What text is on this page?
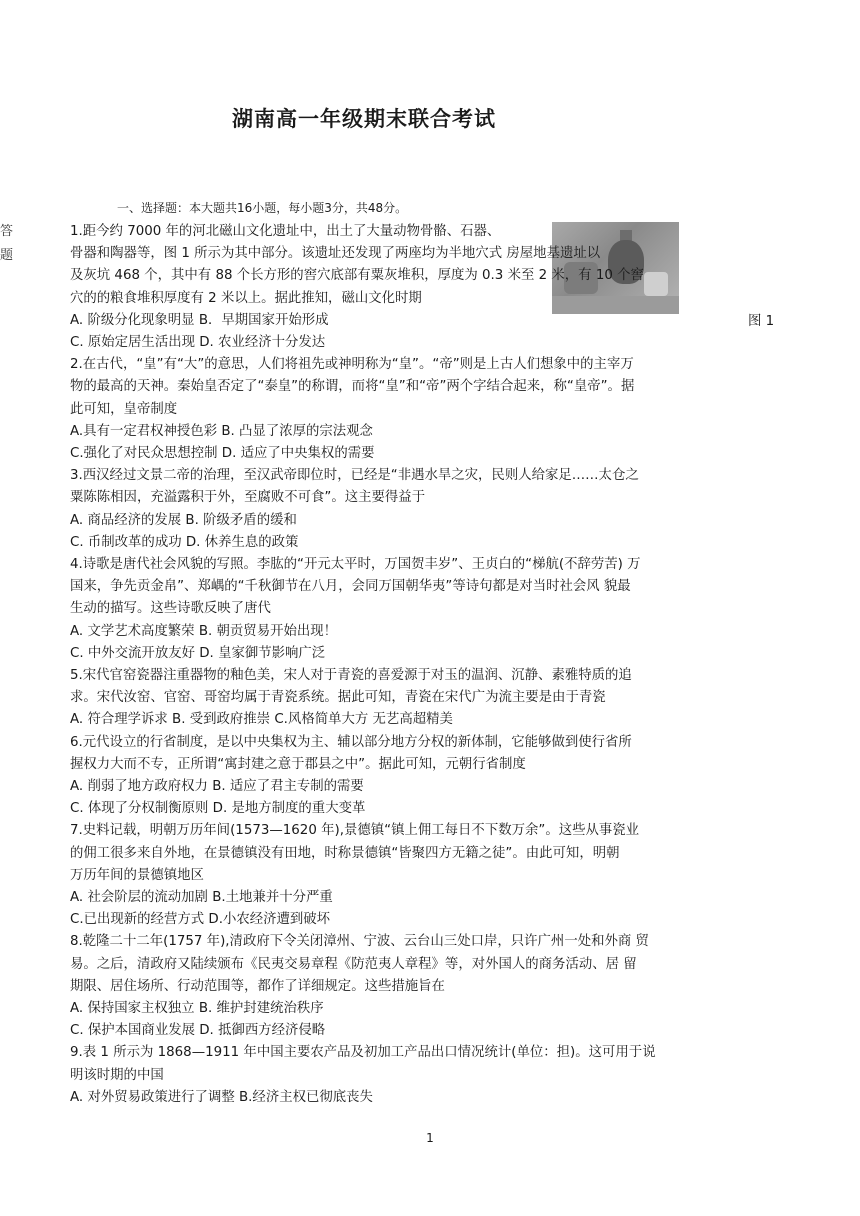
湖南高一年级期末联合考试
答
题
一、选择题：本大题共16小题，每小题3分，共48分。
图 1
1.距今约 7000 年的河北磁山文化遗址中，出土了大量动物骨骼、石器、
骨器和陶器等，图 1 所示为其中部分。该遗址还发现了两座均为半地穴式 房屋地基遗址以
及灰坑 468 个，其中有 88 个长方形的窖穴底部有粟灰堆积，厚度为 0.3 米至 2 米，有 10 个窖
穴的的粮食堆积厚度有 2 米以上。据此推知，磁山文化时期
A. 阶级分化现象明显 B．早期国家开始形成
C. 原始定居生活出现 D. 农业经济十分发达
2.在古代，“皇”有“大”的意思，人们将祖先或神明称为“皇”。“帝”则是上古人们想象中的主宰万
物的最高的天神。秦始皇否定了“泰皇”的称谓，而将“皇”和“帝”两个字结合起来，称“皇帝”。据
此可知，皇帝制度
A.具有一定君权神授色彩 B. 凸显了浓厚的宗法观念
C.强化了对民众思想控制 D. 适应了中央集权的需要
3.西汉经过文景二帝的治理，至汉武帝即位时，已经是“非遇水旱之灾，民则人给家足……太仓之
粟陈陈相因，充溢露积于外，至腐败不可食”。这主要得益于
A. 商品经济的发展 B. 阶级矛盾的缓和
C. 币制改革的成功 D. 休养生息的政策
4.诗歌是唐代社会风貌的写照。李肱的“开元太平时，万国贺丰岁”、王贞白的“梯航(不辞劳苦) 万
国来，争先贡金帛”、郑嵎的“千秋御节在八月，会同万国朝华夷”等诗句都是对当时社会风 貌最
生动的描写。这些诗歌反映了唐代
A. 文学艺术高度繁荣 B. 朝贡贸易开始出现！
C. 中外交流开放友好 D. 皇家御节影响广泛
5.宋代官窑瓷器注重器物的釉色美，宋人对于青瓷的喜爱源于对玉的温润、沉静、素雅特质的追
求。宋代汝窑、官窑、哥窑均属于青瓷系统。据此可知，青瓷在宋代广为流主要是由于青瓷
A. 符合理学诉求 B. 受到政府推崇 C.风格简单大方 无艺高超精美
6.元代设立的行省制度，是以中央集权为主、辅以部分地方分权的新体制，它能够做到使行省所
握权力大而不专，正所谓“寓封建之意于郡县之中”。据此可知，元朝行省制度
A. 削弱了地方政府权力 B. 适应了君主专制的需要
C. 体现了分权制衡原则 D. 是地方制度的重大变革
7.史料记载，明朝万历年间(1573—1620 年),景德镇“镇上佣工每日不下数万余”。这些从事瓷业
的佣工很多来自外地，在景德镇没有田地，时称景德镇“皆聚四方无籍之徒”。由此可知，明朝
万历年间的景德镇地区
A. 社会阶层的流动加剧 B.土地兼并十分严重
C.已出现新的经营方式 D.小农经济遭到破坏
8.乾隆二十二年(1757 年),清政府下令关闭漳州、宁波、云台山三处口岸，只许广州一处和外商 贸
易。之后，清政府又陆续颁布《民夷交易章程《防范夷人章程》等，对外国人的商务活动、居 留
期限、居住场所、行动范围等，都作了详细规定。这些措施旨在
A. 保持国家主权独立 B. 维护封建统治秩序
C. 保护本国商业发展 D. 抵御西方经济侵略
9.表 1 所示为 1868—1911 年中国主要农产品及初加工产品出口情况统计(单位：担)。这可用于说
明该时期的中国
A. 对外贸易政策进行了调整 B.经济主权已彻底丧失
1
